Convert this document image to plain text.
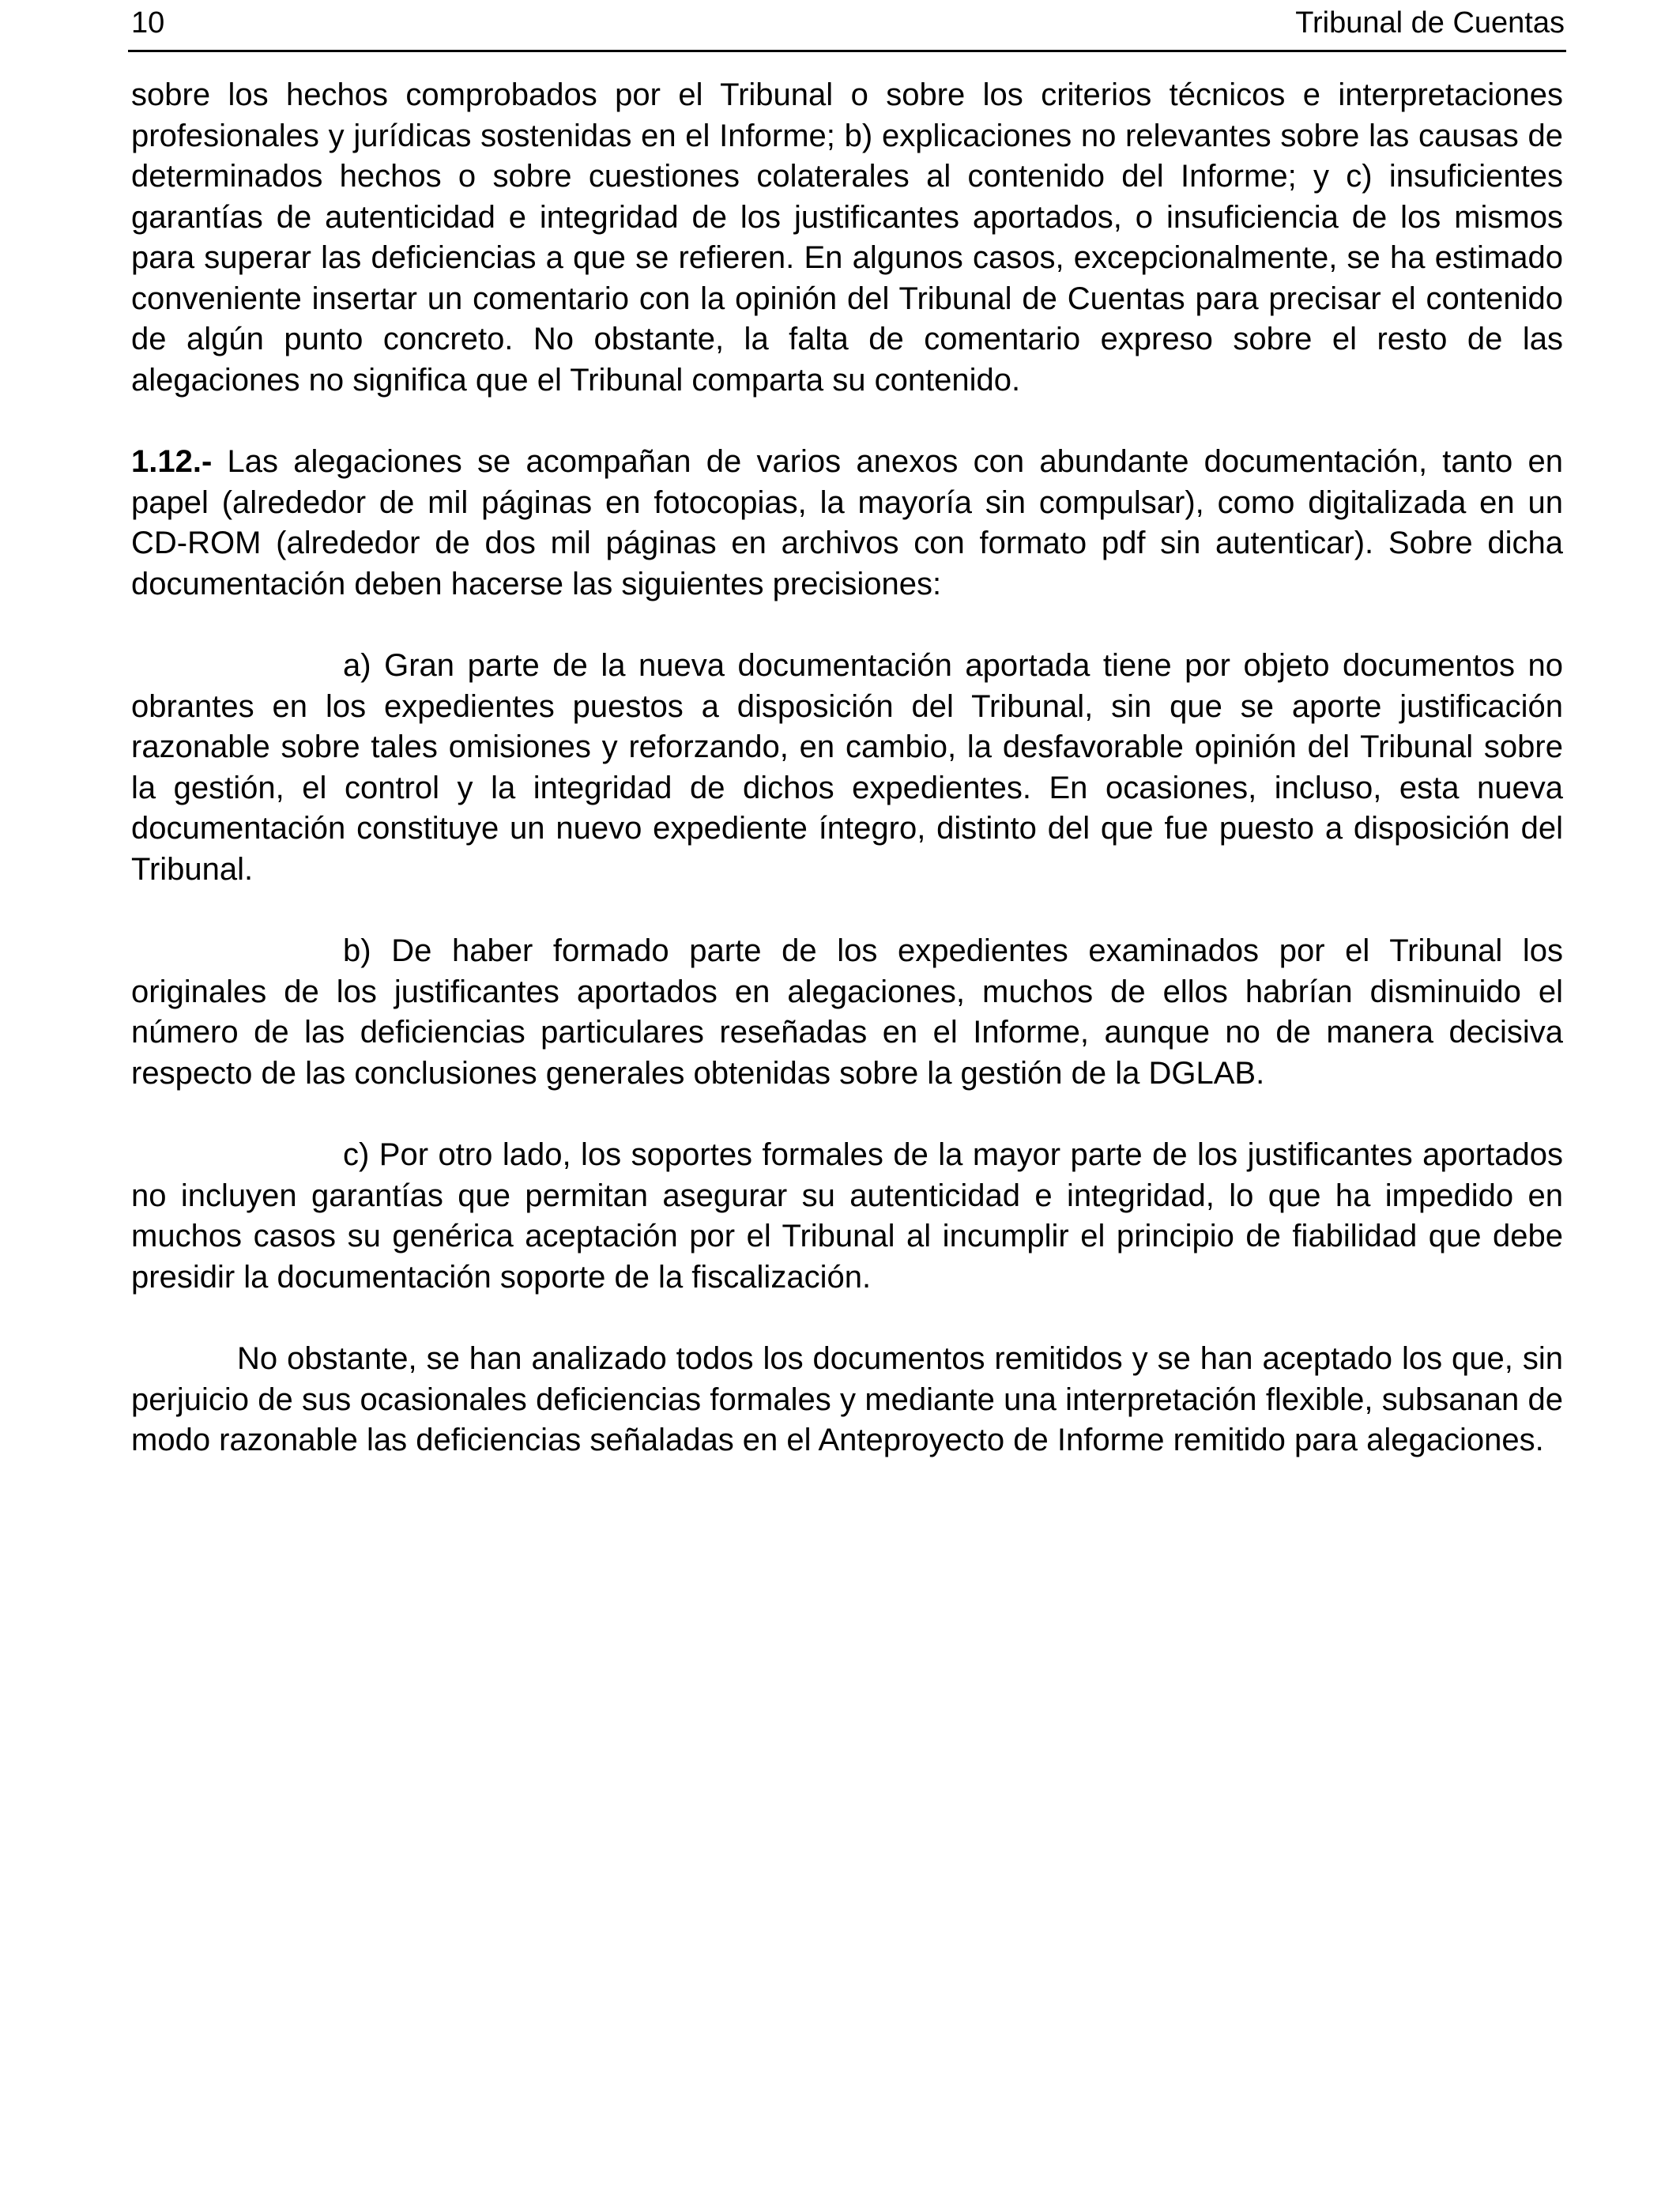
10	Tribunal de Cuentas

sobre los hechos comprobados por el Tribunal o sobre los criterios técnicos e interpretaciones profesionales y jurídicas sostenidas en el Informe; b) explicaciones no relevantes sobre las causas de determinados hechos o sobre cuestiones colaterales al contenido del Informe; y c) insuficientes garantías de autenticidad e integridad de los justificantes aportados, o insuficiencia de los mismos para superar las deficiencias a que se refieren. En algunos casos, excepcionalmente, se ha estimado conveniente insertar un comentario con la opinión del Tribunal de Cuentas para precisar el contenido de algún punto concreto. No obstante, la falta de comentario expreso sobre el resto de las alegaciones no significa que el Tribunal comparta su contenido.

1.12.- Las alegaciones se acompañan de varios anexos con abundante documentación, tanto en papel (alrededor de mil páginas en fotocopias, la mayoría sin compulsar), como digitalizada en un CD-ROM (alrededor de dos mil páginas en archivos con formato pdf sin autenticar). Sobre dicha documentación deben hacerse las siguientes precisiones:

a) Gran parte de la nueva documentación aportada tiene por objeto documentos no obrantes en los expedientes puestos a disposición del Tribunal, sin que se aporte justificación razonable sobre tales omisiones y reforzando, en cambio, la desfavorable opinión del Tribunal sobre la gestión, el control y la integridad de dichos expedientes. En ocasiones, incluso, esta nueva documentación constituye un nuevo expediente íntegro, distinto del que fue puesto a disposición del Tribunal.

b) De haber formado parte de los expedientes examinados por el Tribunal los originales de los justificantes aportados en alegaciones, muchos de ellos habrían disminuido el número de las deficiencias particulares reseñadas en el Informe, aunque no de manera decisiva respecto de las conclusiones generales obtenidas sobre la gestión de la DGLAB.

c) Por otro lado, los soportes formales de la mayor parte de los justificantes aportados no incluyen garantías que permitan asegurar su autenticidad e integridad, lo que ha impedido en muchos casos su genérica aceptación por el Tribunal al incumplir el principio de fiabilidad que debe presidir la documentación soporte de la fiscalización.

No obstante, se han analizado todos los documentos remitidos y se han aceptado los que, sin perjuicio de sus ocasionales deficiencias formales y mediante una interpretación flexible, subsanan de modo razonable las deficiencias señaladas en el Anteproyecto de Informe remitido para alegaciones.
